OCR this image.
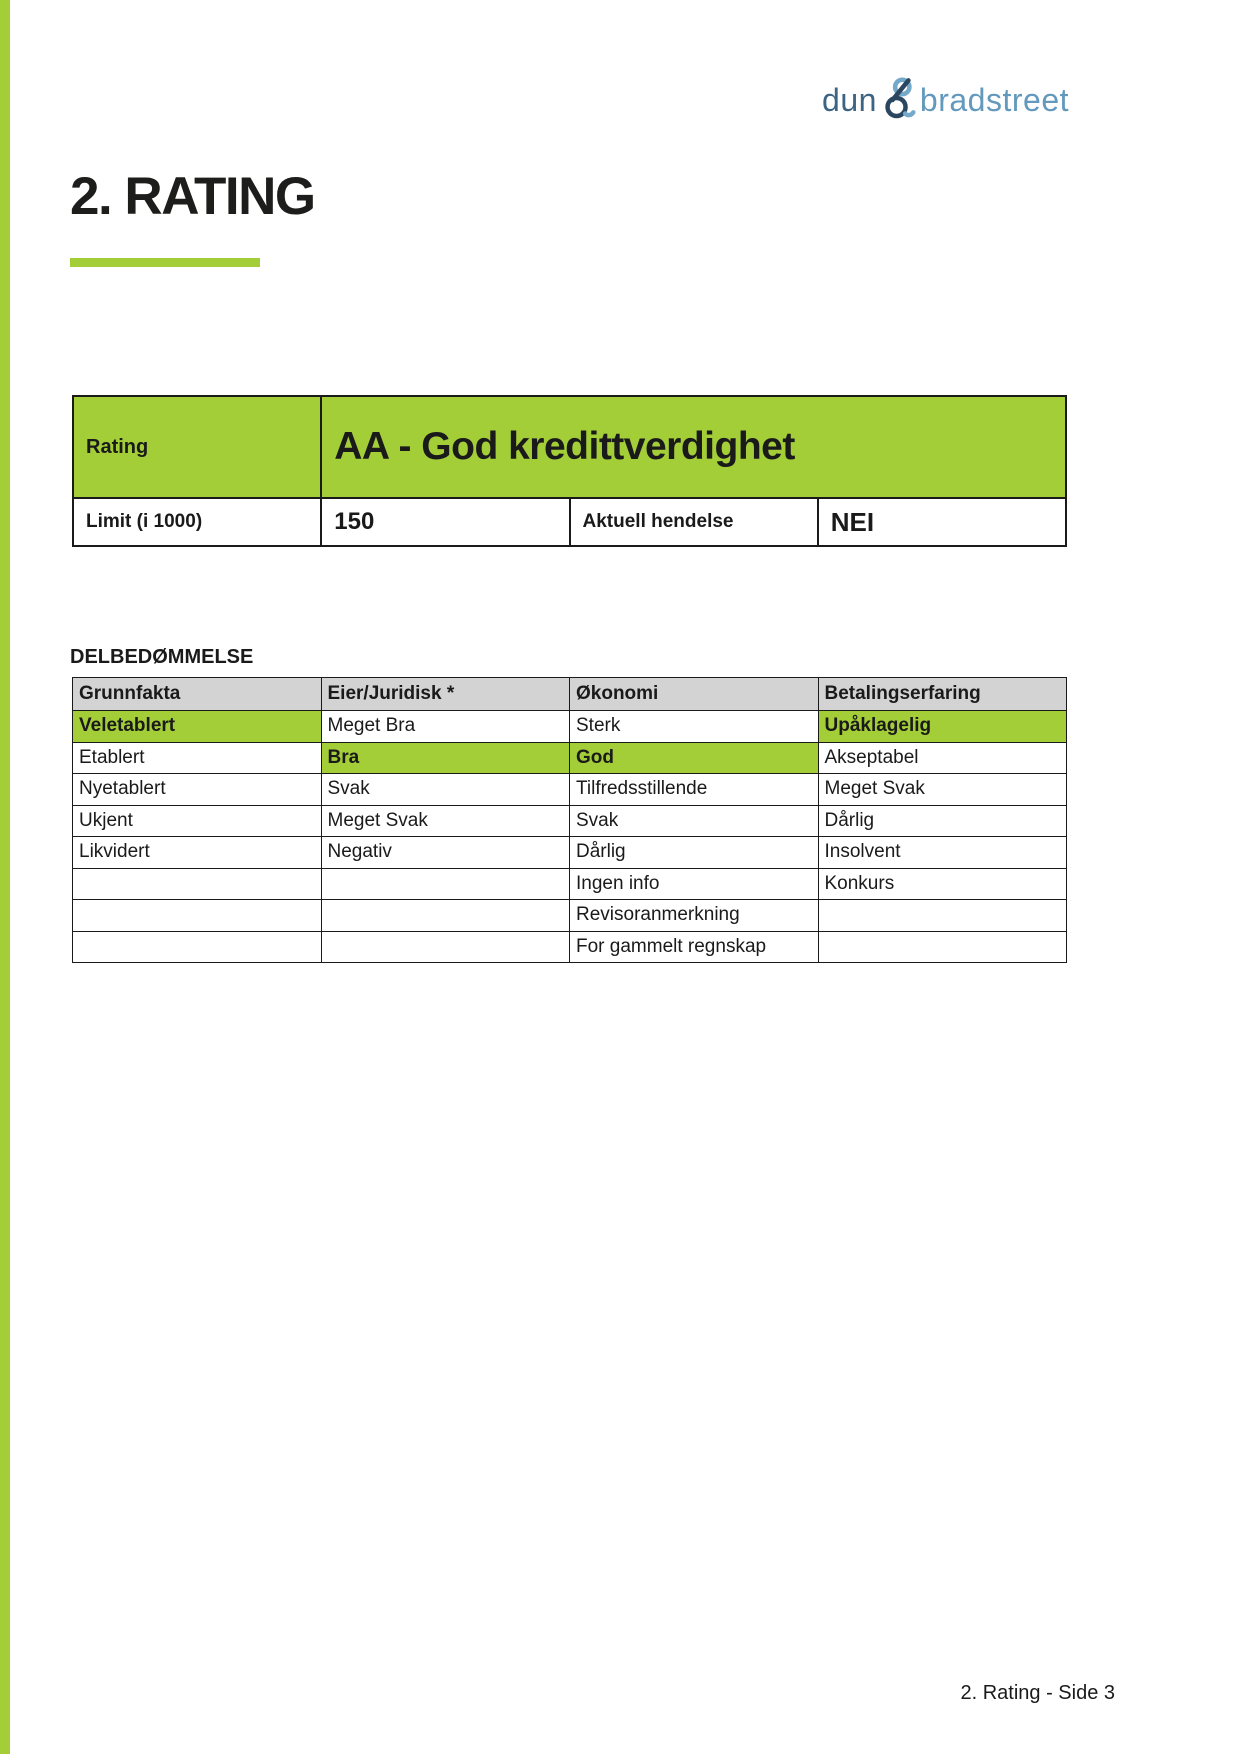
dun bradstreet
2. RATING
Rating	AA - God kredittverdighet		
Limit (i 1000)	150	Aktuell hendelse	NEI
DELBEDØMMELSE
Grunnfakta	Eier/Juridisk *	Økonomi	Betalingserfaring
Veletablert	Meget Bra	Sterk	Upåklagelig
Etablert	Bra	God	Akseptabel
Nyetablert	Svak	Tilfredsstillende	Meget Svak
Ukjent	Meget Svak	Svak	Dårlig
Likvidert	Negativ	Dårlig	Insolvent
		Ingen info	Konkurs
		Revisoranmerkning	
		For gammelt regnskap	
2. Rating - Side 3
